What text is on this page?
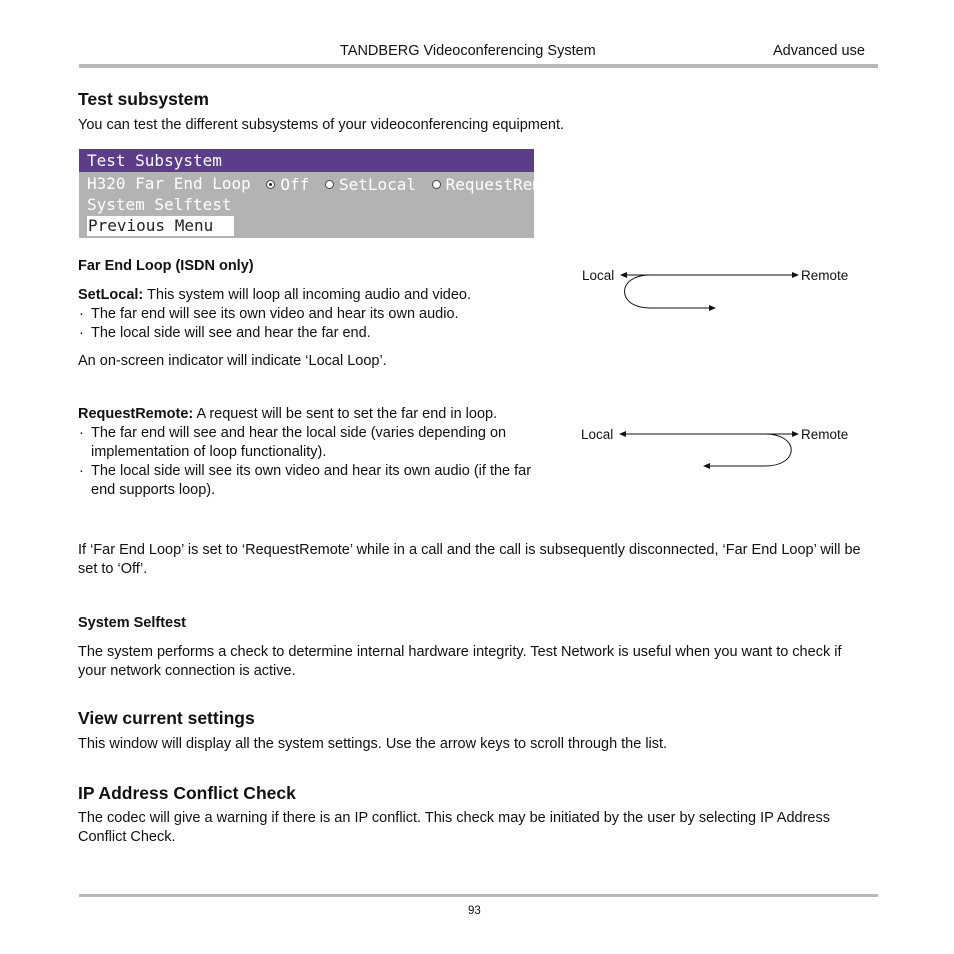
TANDBERG Videoconferencing System	Advanced use
Test subsystem
You can test the different subsystems of your videoconferencing equipment.
Test Subsystem
H320 Far End Loop Off
SetLocal
RequestRemote
System Selftest
Previous Menu
Far End Loop (ISDN only)
SetLocal: This system will loop all incoming audio and video.
· The far end will see its own video and hear its own audio.
· The local side will see and hear the far end.
An on-screen indicator will indicate ‘Local Loop’.
RequestRemote: A request will be sent to set the far end in loop.
· The far end will see and hear the local side (varies depending on implementation of loop functionality).
· The local side will see its own video and hear its own audio (if the far end supports loop).
Local	Remote
Local	Remote
If ‘Far End Loop’ is set to ‘RequestRemote’ while in a call and the call is subsequently disconnected, ‘Far End Loop’ will be set to ‘Off’.
System Selftest
The system performs a check to determine internal hardware integrity. Test Network is useful when you want to check if your network connection is active.
View current settings
This window will display all the system settings. Use the arrow keys to scroll through the list.
IP Address Conflict Check
The codec will give a warning if there is an IP conflict. This check may be initiated by the user by selecting IP Address Conflict Check.
93
